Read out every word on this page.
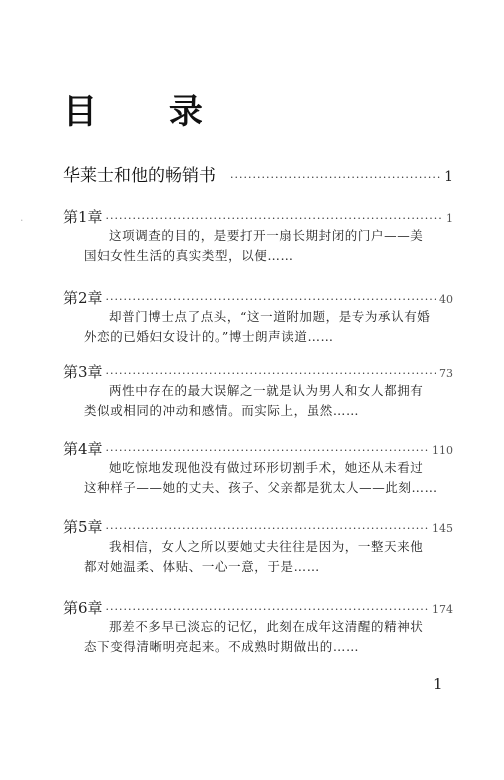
·
目 录
华莱士和他的畅销书 ·····	1
第1章 ·····	1

这项调查的目的，是要打开一扇长期封闭的门户——美

国妇女性生活的真实类型，以便……

第2章 ·····	40

却普门博士点了点头，“这一道附加题，是专为承认有婚

外恋的已婚妇女设计的。”博士朗声读道……

第3章 ·····	73

两性中存在的最大误解之一就是认为男人和女人都拥有

类似或相同的冲动和感情。而实际上，虽然……

第4章 ·····	110

她吃惊地发现他没有做过环形切割手术，她还从未看过

这种样子——她的丈夫、孩子、父亲都是犹太人——此刻……

第5章 ·····	145

我相信，女人之所以要她丈夫往往是因为，一整天来他

都对她温柔、体贴、一心一意，于是……

第6章 ·····	174

那差不多早已淡忘的记忆，此刻在成年这清醒的精神状

态下变得清晰明亮起来。不成熟时期做出的……

1
